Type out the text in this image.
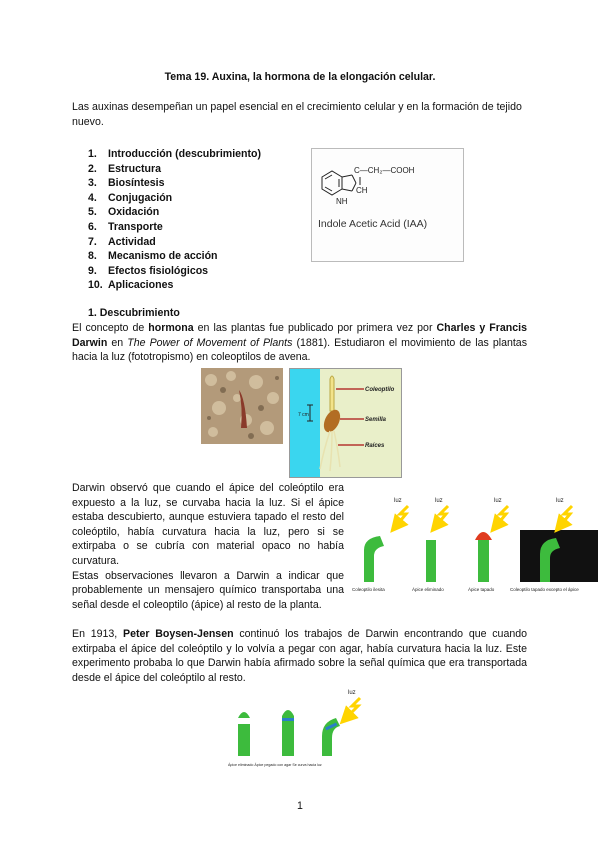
Tema 19. Auxina, la hormona de la elongación celular.
Las auxinas desempeñan un papel esencial en el crecimiento celular y en la formación de tejido nuevo.
1. Introducción (descubrimiento)
2. Estructura
3. Biosíntesis
4. Conjugación
5. Oxidación
6. Transporte
7. Actividad
8. Mecanismo de acción
9. Efectos fisiológicos
10. Aplicaciones
C—CH₂—COOH
CH
NH
Indole Acetic Acid (IAA)
1. Descubrimiento
El concepto de hormona en las plantas fue publicado por primera vez por Charles y Francis Darwin en The Power of Movement of Plants (1881). Estudiaron el movimiento de las plantas hacia la luz (fototropismo) en coleoptilos de avena.
7 cm
Coleoptilo
Semilla
Raíces
Darwin observó que cuando el ápice del coleóptilo era expuesto a la luz, se curvaba hacia la luz. Si el ápice estaba descubierto, aunque estuviera tapado el resto del coleóptilo, había curvatura hacia la luz, pero si se extirpaba o se cubría con material opaco no había curvatura.
Estas observaciones llevaron a Darwin a indicar que probablemente un mensajero químico transportaba una señal desde el coleoptilo (ápice) al resto de la planta.
luz	luz	luz	luz
Coleoptilo ilesita	Ápice eliminado	Ápice tapado	Coleoptilo tapado excepto el ápice
En 1913, Peter Boysen-Jensen continuó los trabajos de Darwin encontrando que cuando extirpaba el ápice del coleóptilo y lo volvía a pegar con agar, había curvatura hacia la luz. Este experimento probaba lo que Darwin había afirmado sobre la señal química que era transportada desde el ápice del coleóptilo al resto.
luz
Ápice eliminado Ápice pegado con agar Se curva hacia luz
1
